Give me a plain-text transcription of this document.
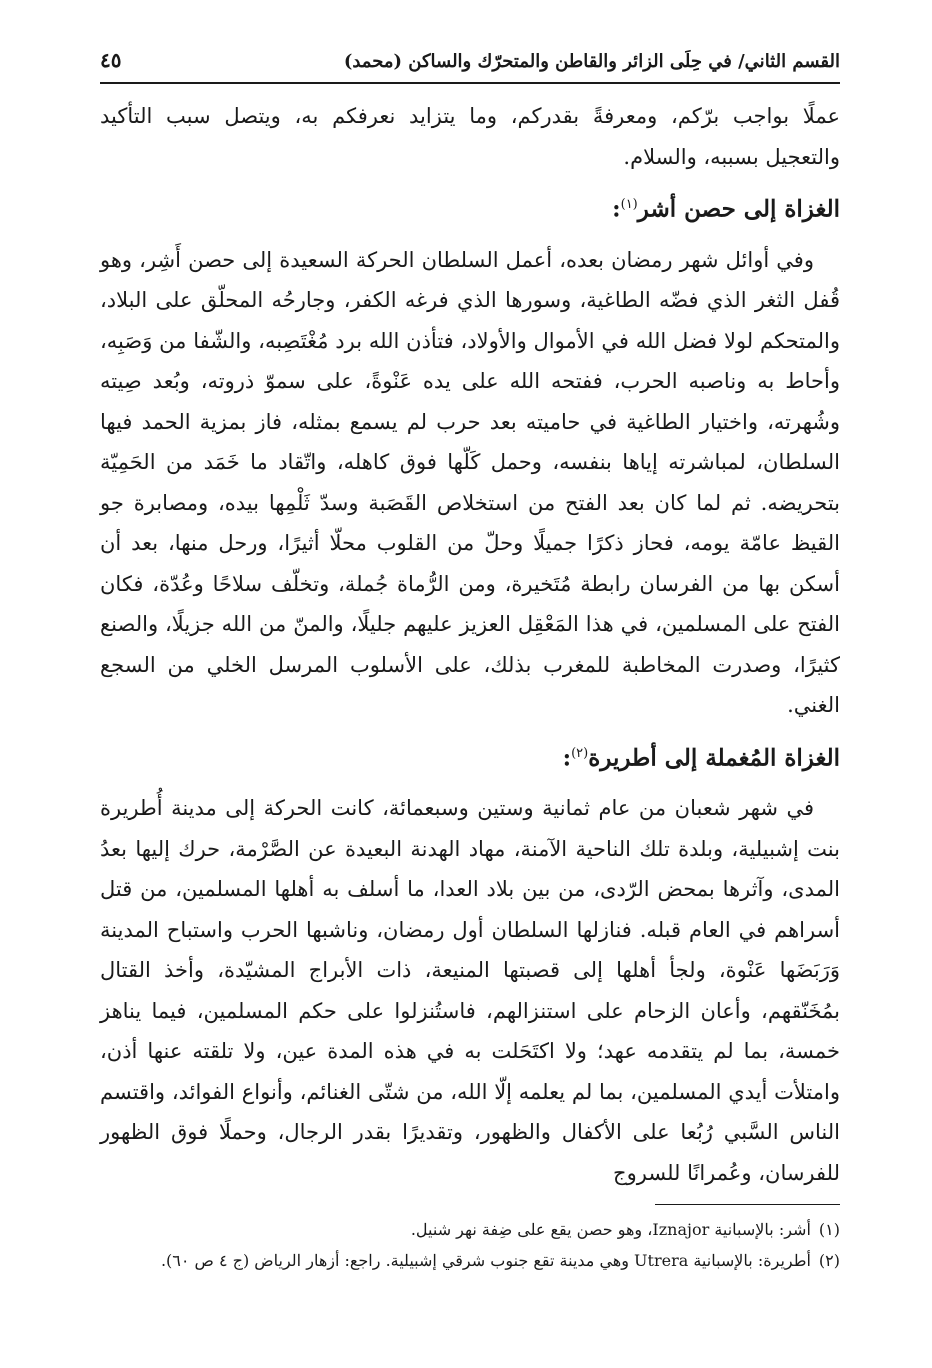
القسم الثاني/ في حِلَى الزائر والقاطن والمتحرّك والساكن (محمد)
٤٥

عملًا بواجب برّكم، ومعرفةً بقدركم، وما يتزايد نعرفكم به، ويتصل سبب التأكيد والتعجيل بسببه، والسلام.

الغزاة إلى حصن أشر$^{(١)}$:

وفي أوائل شهر رمضان بعده، أعمل السلطان الحركة السعيدة إلى حصن أَشِر، وهو قُفل الثغر الذي فضّه الطاغية، وسورها الذي فرغه الكفر، وجارحُه المحلّق على البلاد، والمتحكم لولا فضل الله في الأموال والأولاد، فتأذن الله برد مُغْتَصِبه، والشّفا من وَصَبِه، وأحاط به وناصبه الحرب، ففتحه الله على يده عَنْوةً، على سموّ ذروته، وبُعد صِيته وشُهرته، واختيار الطاغية في حاميته بعد حرب لم يسمع بمثله، فاز بمزية الحمد فيها السلطان، لمباشرته إياها بنفسه، وحمل كَلّها فوق كاهله، واتّقاد ما خَمَد من الحَمِيّة بتحريضه. ثم لما كان بعد الفتح من استخلاص القَصَبة وسدّ ثَلْمِها بيده، ومصابرة جو القيظ عامّة يومه، فحاز ذكرًا جميلًا وحلّ من القلوب محلّا أثيرًا، ورحل منها، بعد أن أسكن بها من الفرسان رابطة مُتَخيرة، ومن الرُّماة جُملة، وتخلّف سلاحًا وعُدّة، فكان الفتح على المسلمين، في هذا المَعْقِل العزيز عليهم جليلًا، والمنّ من الله جزيلًا، والصنع كثيرًا، وصدرت المخاطبة للمغرب بذلك، على الأسلوب المرسل الخلي من السجع الغني.

الغزاة المُغملة إلى أطريرة$^{(٢)}$:

في شهر شعبان من عام ثمانية وستين وسبعمائة، كانت الحركة إلى مدينة أُطريرة بنت إشبيلية، وبلدة تلك الناحية الآمنة، مهاد الهدنة البعيدة عن الصَّرْمة، حرك إليها بعدُ المدى، وآثرها بمحض الرّدى، من بين بلاد العدا، ما أسلف به أهلها المسلمين، من قتل أسراهم في العام قبله. فنازلها السلطان أول رمضان، وناشبها الحرب واستباح المدينة وَرَبَضَها عَنْوة، ولجأ أهلها إلى قصبتها المنيعة، ذات الأبراج المشيّدة، وأخذ القتال بمُخَنّقهم، وأعان الزحام على استنزالهم، فاستُنزلوا على حكم المسلمين، فيما يناهز خمسة، بما لم يتقدمه عهد؛ ولا اكتَحَلت به في هذه المدة عين، ولا تلقته عنها أذن، وامتلأت أيدي المسلمين، بما لم يعلمه إلّا الله، من شتّى الغنائم، وأنواع الفوائد، واقتسم الناس السَّبي رُبُعا على الأكفال والظهور، وتقديرًا بقدر الرجال، وحملًا فوق الظهور للفرسان، وعُمرانًا للسروج

(١)
أشر: بالإسبانية Iznajor، وهو حصن يقع على ضِفة نهر شنيل.
(٢)
أطريرة: بالإسبانية Utrera وهي مدينة تقع جنوب شرقي إشبيلية. راجع: أزهار الرياض (ج ٤ ص ٦٠).
